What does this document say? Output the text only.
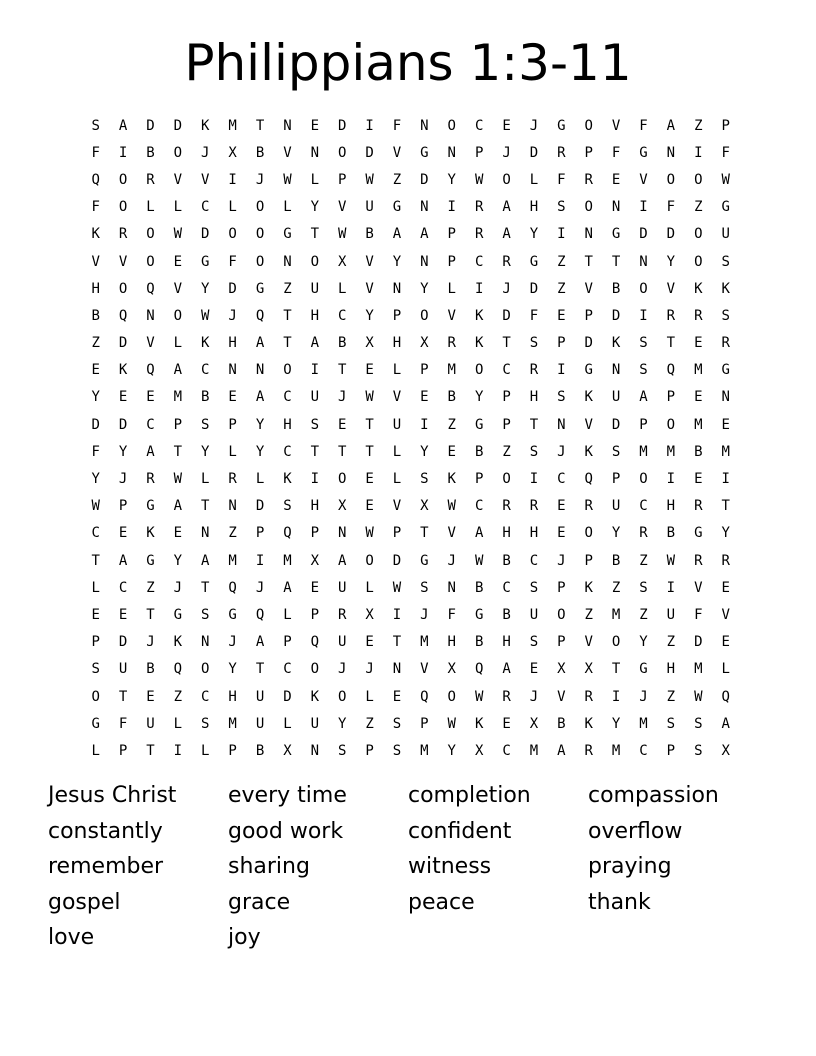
Philippians 1:3-11
S	A	D	D	K	M	T	N	E	D	I	F	N	O	C	E	J	G	O	V	F	A	Z	P
F	I	B	O	J	X	B	V	N	O	D	V	G	N	P	J	D	R	P	F	G	N	I	F
Q	O	R	V	V	I	J	W	L	P	W	Z	D	Y	W	O	L	F	R	E	V	O	O	W
F	O	L	L	C	L	O	L	Y	V	U	G	N	I	R	A	H	S	O	N	I	F	Z	G
K	R	O	W	D	O	O	G	T	W	B	A	A	P	R	A	Y	I	N	G	D	D	O	U
V	V	O	E	G	F	O	N	O	X	V	Y	N	P	C	R	G	Z	T	T	N	Y	O	S
H	O	Q	V	Y	D	G	Z	U	L	V	N	Y	L	I	J	D	Z	V	B	O	V	K	K
B	Q	N	O	W	J	Q	T	H	C	Y	P	O	V	K	D	F	E	P	D	I	R	R	S
Z	D	V	L	K	H	A	T	A	B	X	H	X	R	K	T	S	P	D	K	S	T	E	R
E	K	Q	A	C	N	N	O	I	T	E	L	P	M	O	C	R	I	G	N	S	Q	M	G
Y	E	E	M	B	E	A	C	U	J	W	V	E	B	Y	P	H	S	K	U	A	P	E	N
D	D	C	P	S	P	Y	H	S	E	T	U	I	Z	G	P	T	N	V	D	P	O	M	E
F	Y	A	T	Y	L	Y	C	T	T	T	L	Y	E	B	Z	S	J	K	S	M	M	B	M
Y	J	R	W	L	R	L	K	I	O	E	L	S	K	P	O	I	C	Q	P	O	I	E	I
W	P	G	A	T	N	D	S	H	X	E	V	X	W	C	R	R	E	R	U	C	H	R	T
C	E	K	E	N	Z	P	Q	P	N	W	P	T	V	A	H	H	E	O	Y	R	B	G	Y
T	A	G	Y	A	M	I	M	X	A	O	D	G	J	W	B	C	J	P	B	Z	W	R	R
L	C	Z	J	T	Q	J	A	E	U	L	W	S	N	B	C	S	P	K	Z	S	I	V	E
E	E	T	G	S	G	Q	L	P	R	X	I	J	F	G	B	U	O	Z	M	Z	U	F	V
P	D	J	K	N	J	A	P	Q	U	E	T	M	H	B	H	S	P	V	O	Y	Z	D	E
S	U	B	Q	O	Y	T	C	O	J	J	N	V	X	Q	A	E	X	X	T	G	H	M	L
O	T	E	Z	C	H	U	D	K	O	L	E	Q	O	W	R	J	V	R	I	J	Z	W	Q
G	F	U	L	S	M	U	L	U	Y	Z	S	P	W	K	E	X	B	K	Y	M	S	S	A
L	P	T	I	L	P	B	X	N	S	P	S	M	Y	X	C	M	A	R	M	C	P	S	X
Jesus Christ	every time	completion	compassion
constantly	good work	confident	overflow
remember	sharing	witness	praying
gospel	grace	peace	thank
love	joy
